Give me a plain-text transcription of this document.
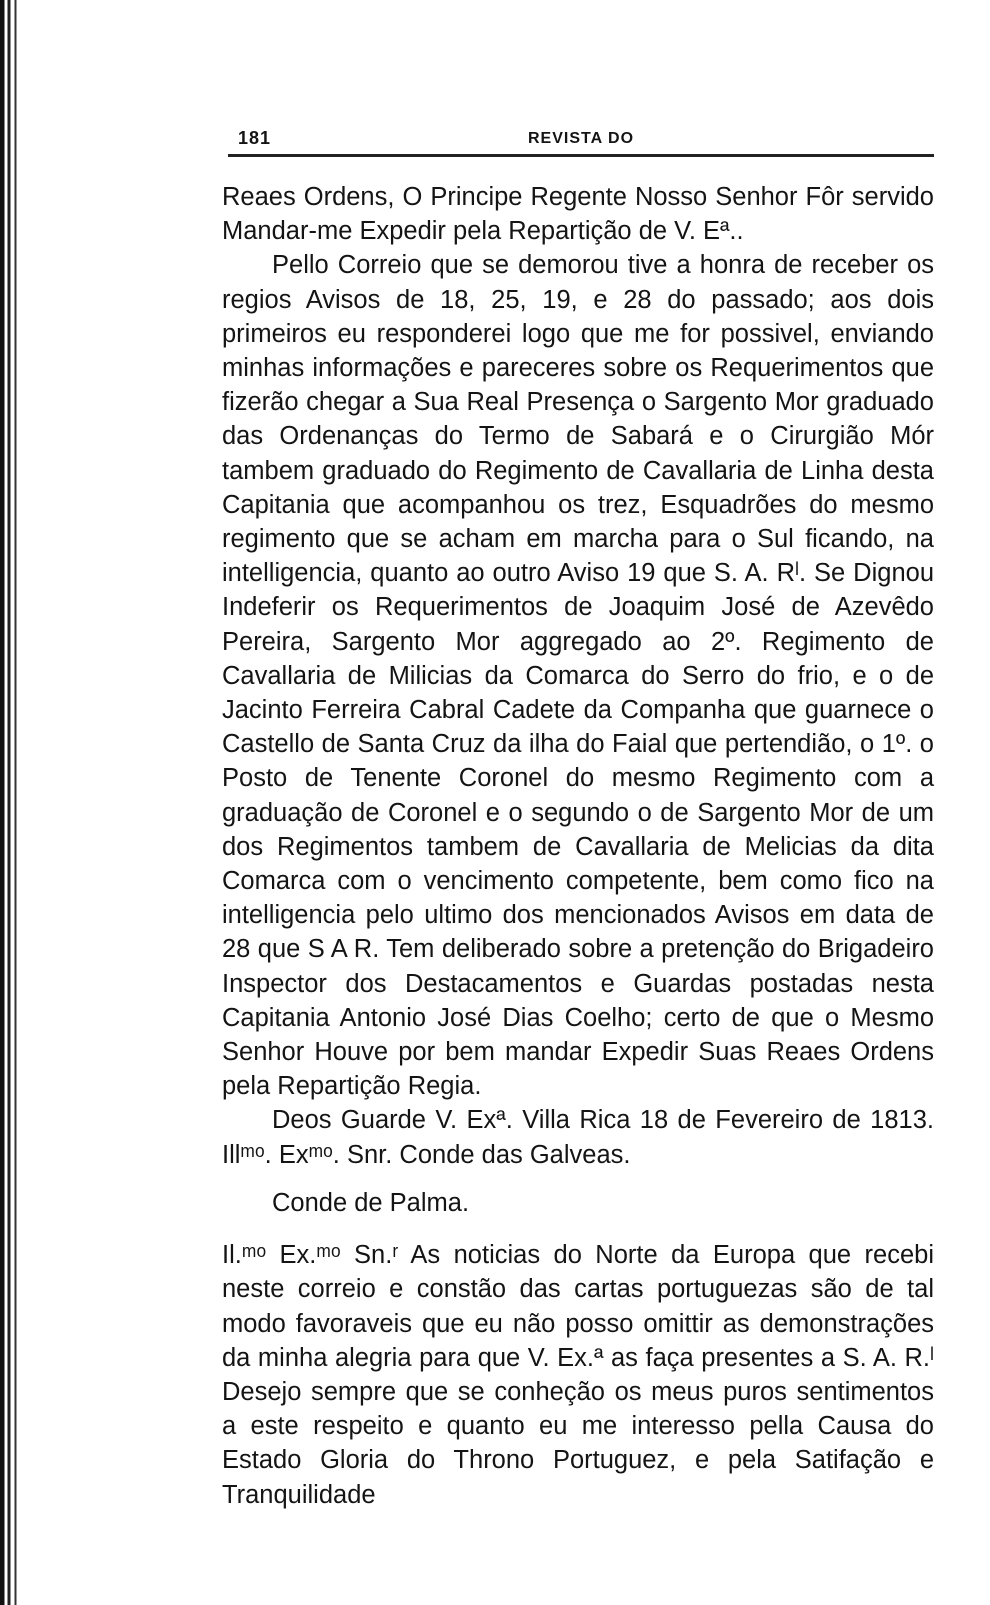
181	REVISTA DO

Reaes Ordens, O Principe Regente Nosso Senhor Fôr servido Mandar-me Expedir pela Repartição de V. Eª..

Pello Correio que se demorou tive a honra de receber os regios Avisos de 18, 25, 19, e 28 do passado; aos dois primeiros eu responderei logo que me for possivel, enviando minhas informações e pareceres sobre os Requerimentos que fizerão chegar a Sua Real Presença o Sargento Mor graduado das Ordenanças do Termo de Sabará e o Cirurgião Mór tambem graduado do Regimento de Cavallaria de Linha desta Capitania que acompanhou os trez, Esquadrões do mesmo regimento que se acham em marcha para o Sul ficando, na intelligencia, quanto ao outro Aviso 19 que S. A. Rˡ. Se Dignou Indeferir os Requerimentos de Joaquim José de Azevêdo Pereira, Sargento Mor aggregado ao 2º. Regimento de Cavallaria de Milicias da Comarca do Serro do frio, e o de Jacinto Ferreira Cabral Cadete da Companha que guarnece o Castello de Santa Cruz da ilha do Faial que pertendião, o 1º. o Posto de Tenente Coronel do mesmo Regimento com a graduação de Coronel e o segundo o de Sargento Mor de um dos Regimentos tambem de Cavallaria de Melicias da dita Comarca com o vencimento competente, bem como fico na intelligencia pelo ultimo dos mencionados Avisos em data de 28 que S A R. Tem deliberado sobre a pretenção do Brigadeiro Inspector dos Destacamentos e Guardas postadas nesta Capitania Antonio José Dias Coelho; certo de que o Mesmo Senhor Houve por bem mandar Expedir Suas Reaes Ordens pela Repartição Regia.

Deos Guarde V. Exª. Villa Rica 18 de Fevereiro de 1813. Illᵐᵒ. Exᵐᵒ. Snr. Conde das Galveas.

Conde de Palma.

Il.ᵐᵒ Ex.ᵐᵒ Sn.ʳ As noticias do Norte da Europa que recebi neste correio e constão das cartas portuguezas são de tal modo favoraveis que eu não posso omittir as demonstrações da minha alegria para que V. Ex.ª as faça presentes a S. A. R.ˡ Desejo sempre que se conheção os meus puros sentimentos a este respeito e quanto eu me interesso pella Causa do Estado Gloria do Throno Portuguez, e pela Satifação e Tranquilidade
